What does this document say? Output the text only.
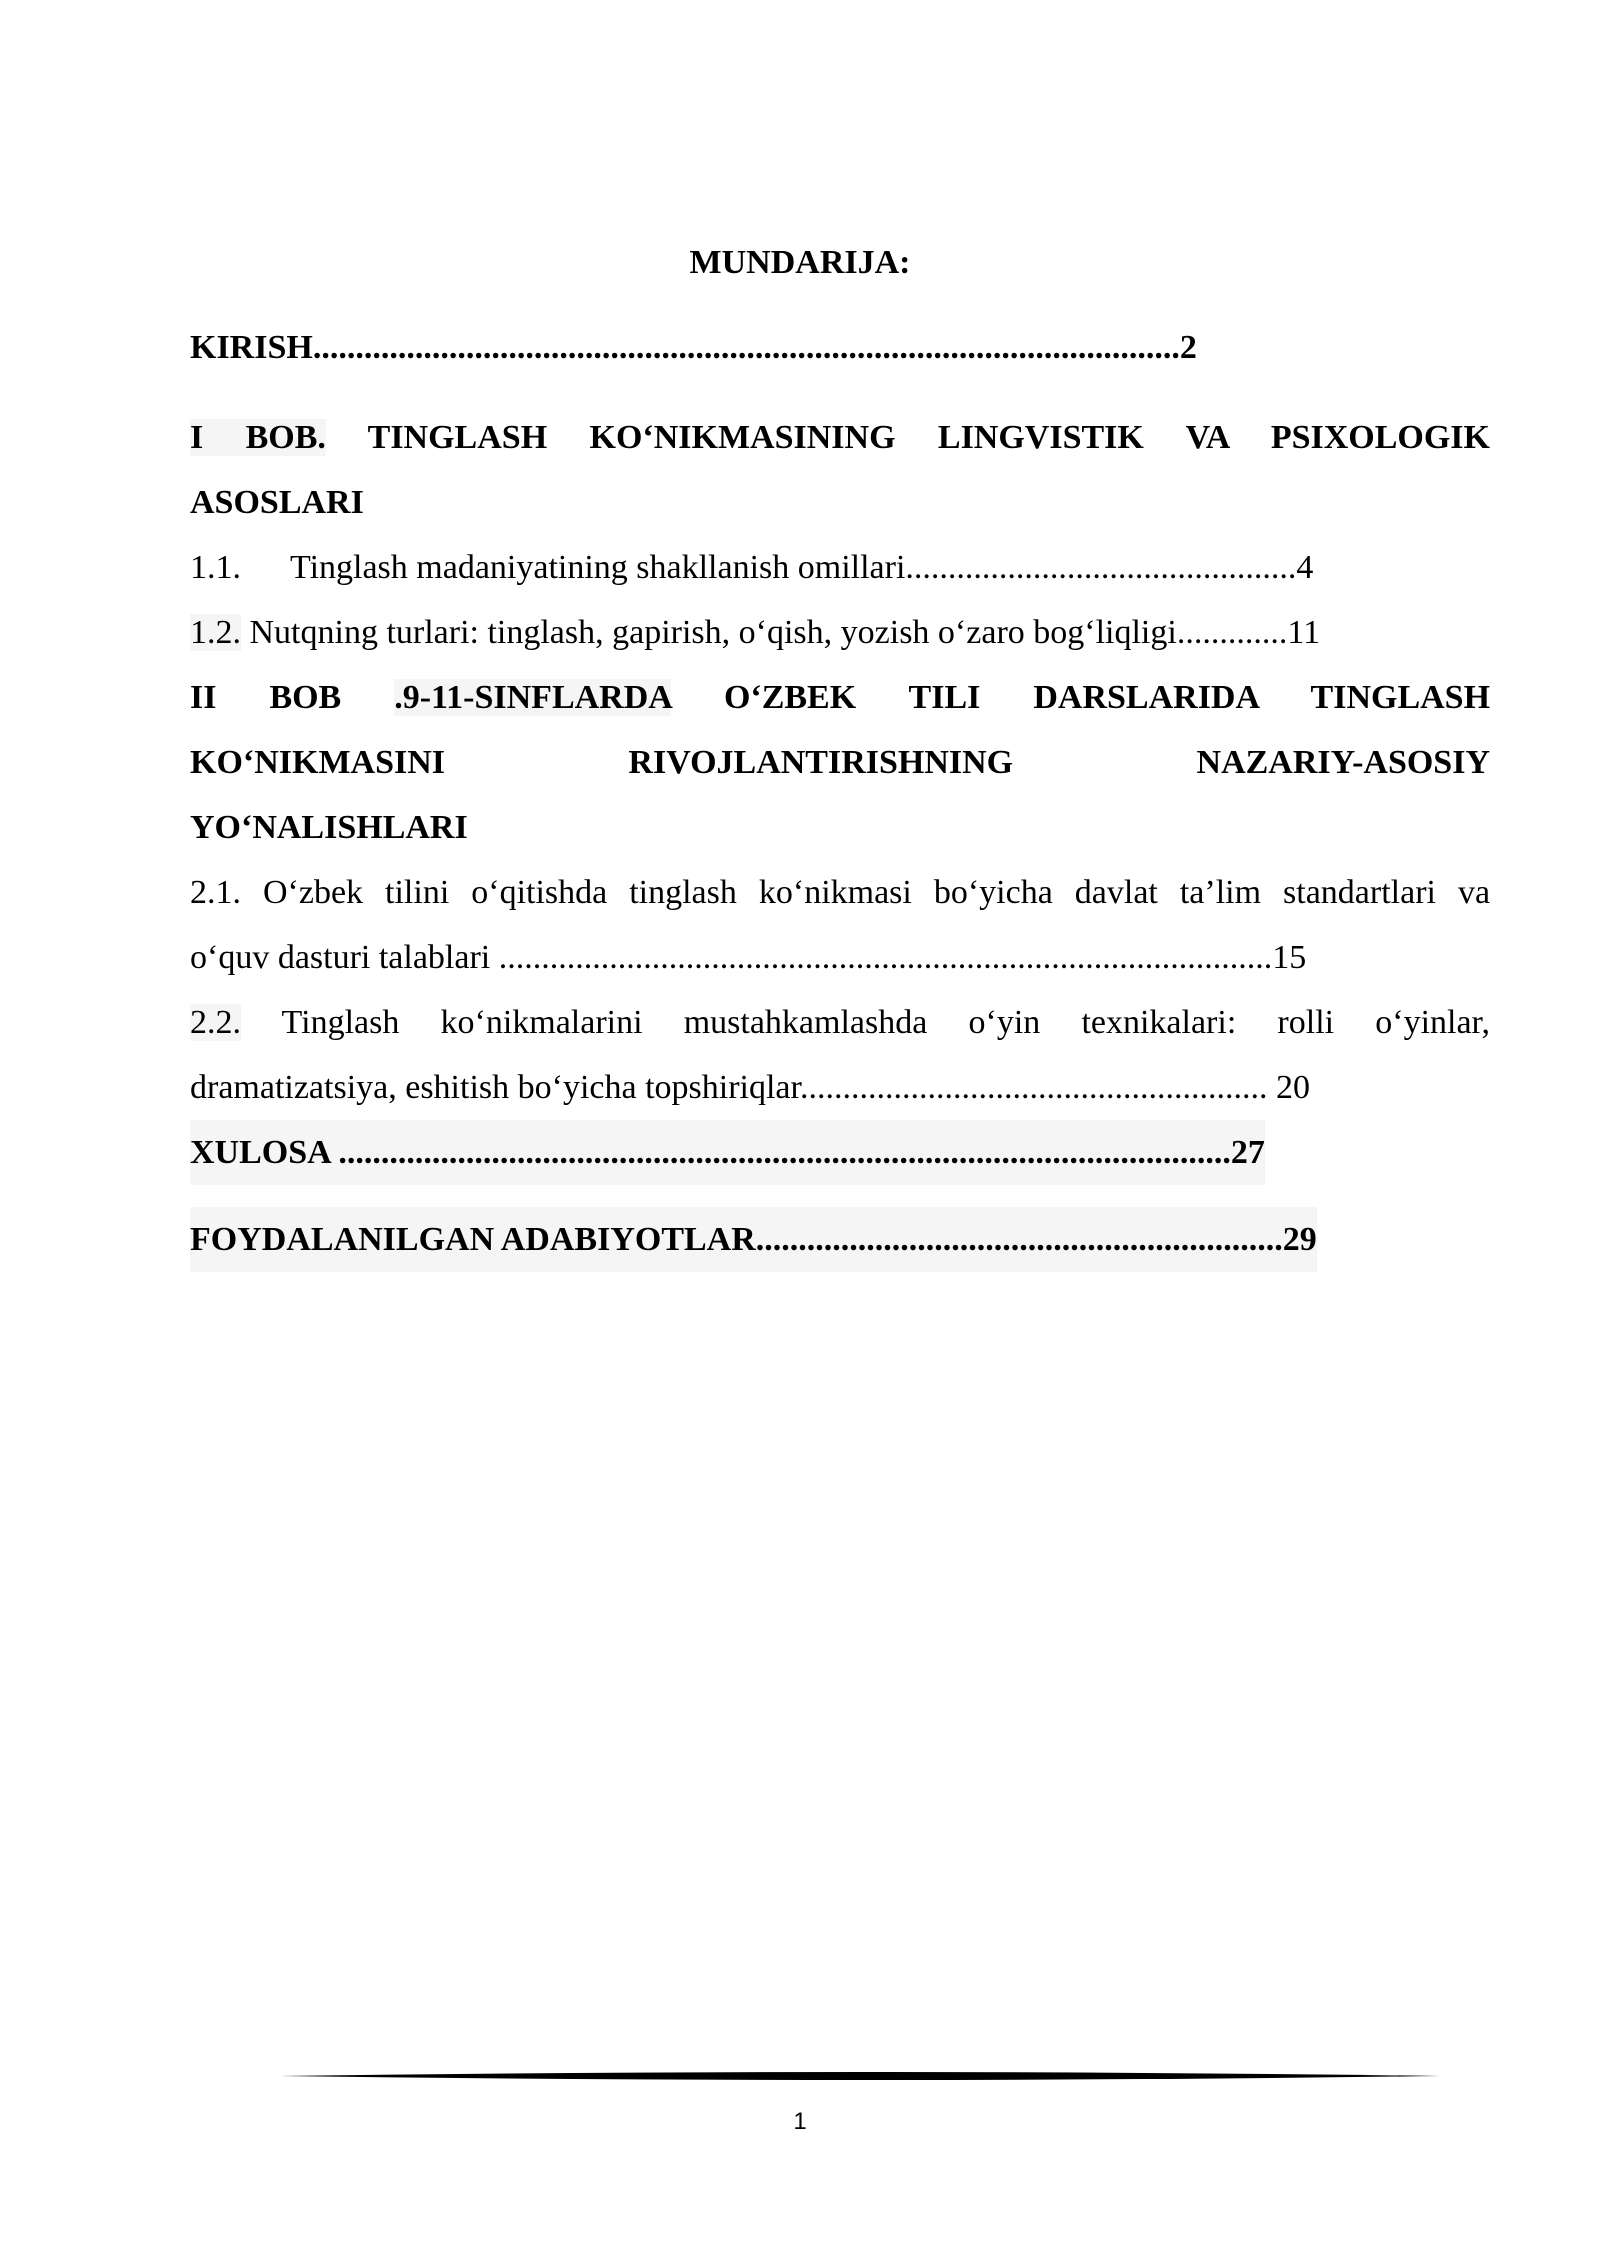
MUNDARIJA:
KIRISH......................................................................................................2
I BOB. TINGLASH KO‘NIKMASINING LINGVISTIK VA PSIXOLOGIK
ASOSLARI
1.1. Tinglash madaniyatining shakllanish omillari..............................................4
1.2. Nutqning turlari: tinglash, gapirish, o‘qish, yozish o‘zaro bog‘liqligi.............11
II BOB .9-11-SINFLARDA O‘ZBEK TILI DARSLARIDA TINGLASH
KO‘NIKMASINI	RIVOJLANTIRISHNING	NAZARIY-ASOSIY
YO‘NALISHLARI
2.1. O‘zbek tilini o‘qitishda tinglash ko‘nikmasi bo‘yicha davlat ta’lim standartlari va
o‘quv dasturi talablari ...........................................................................................15
2.2. Tinglash ko‘nikmalarini mustahkamlashda o‘yin texnikalari: rolli o‘yinlar,
dramatizatsiya, eshitish bo‘yicha topshiriqlar....................................................... 20
XULOSA .........................................................................................................27
FOYDALANILGAN ADABIYOTLAR..............................................................29
1
